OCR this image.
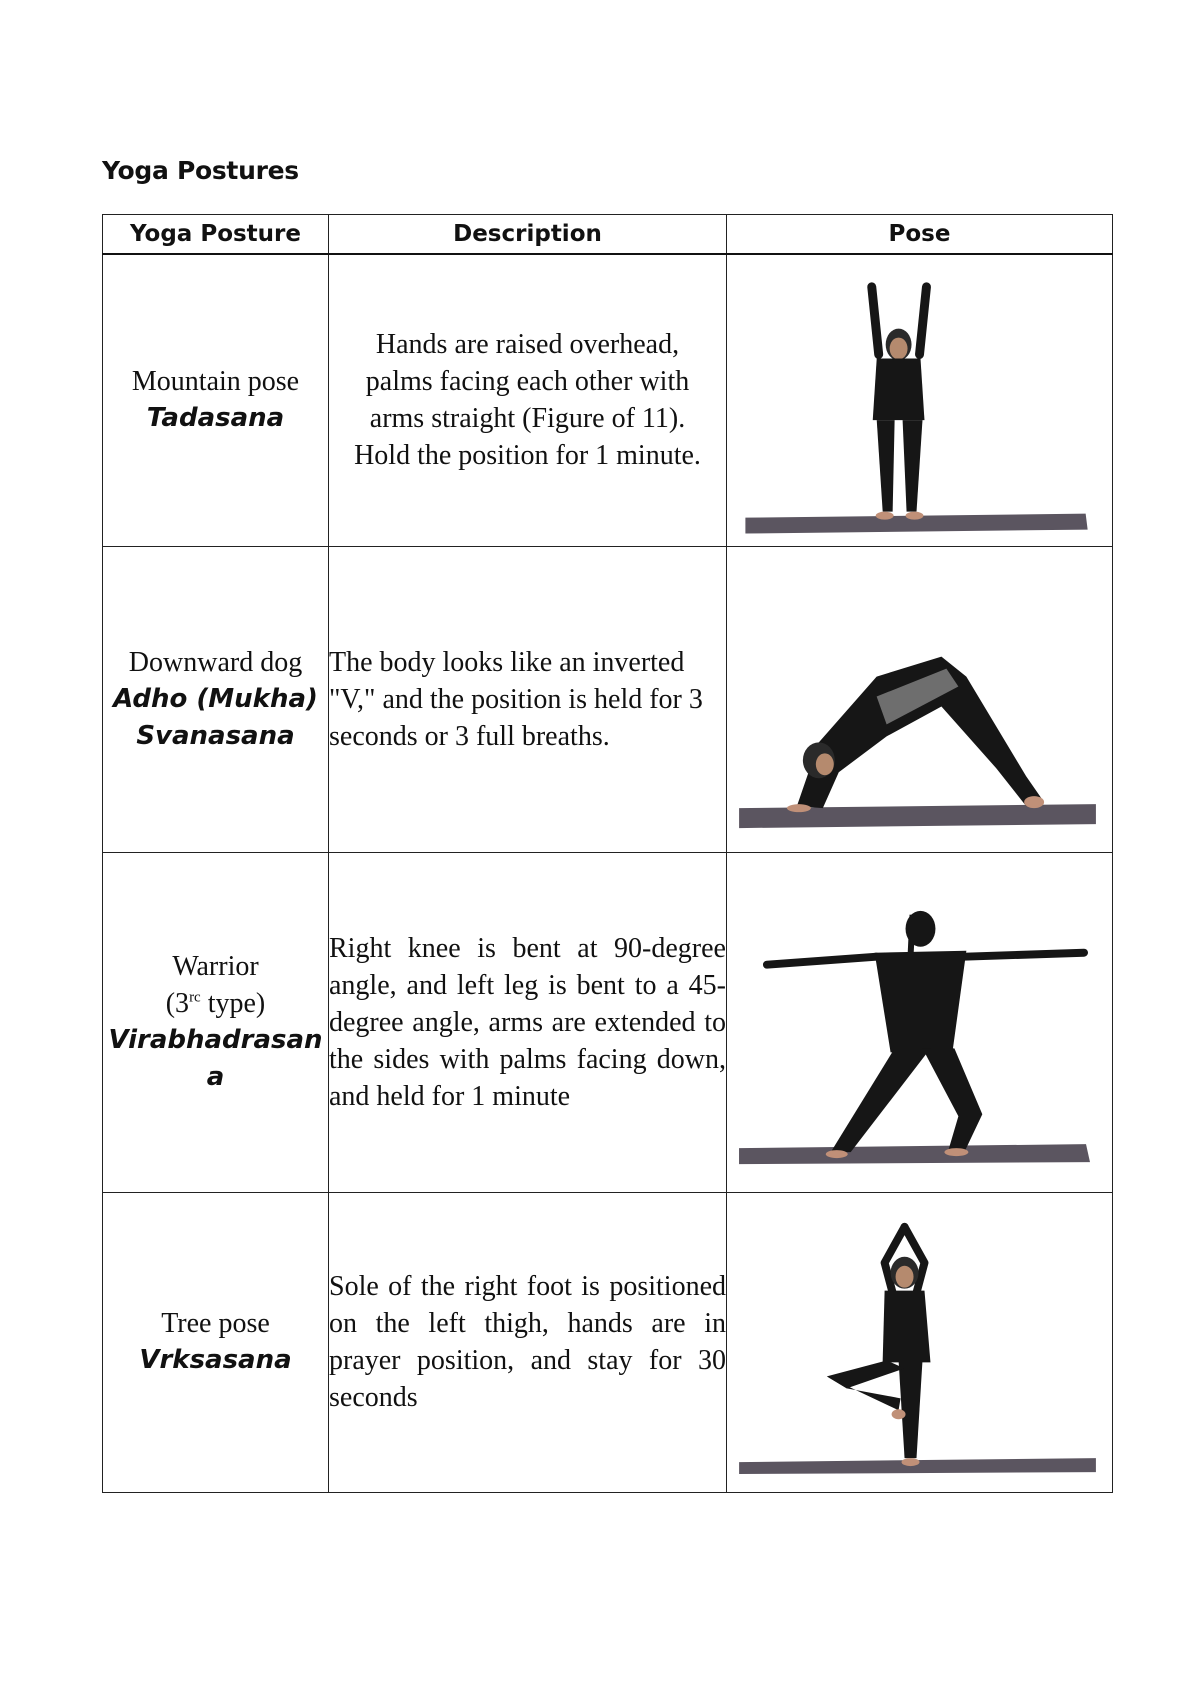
Yoga Postures
Yoga Posture	Description	Pose

Mountain pose
Tadasana	Hands are raised overhead, palms facing each other with arms straight (Figure of 11). Hold the position for 1 minute.	

Downward dog
Adho (Mukha)
Svanasana	The body looks like an inverted "V," and the position is held for 3 seconds or 3 full breaths.	

Warrior
($3^{rc}$ type)
Virabhadrasan
a	Right knee is bent at 90-degree angle, and left leg is bent to a 45-degree angle, arms are extended to the sides with palms facing down, and held for 1 minute	

Tree pose
Vrksasana	Sole of the right foot is positioned on the left thigh, hands are in prayer position, and stay for 30 seconds	
